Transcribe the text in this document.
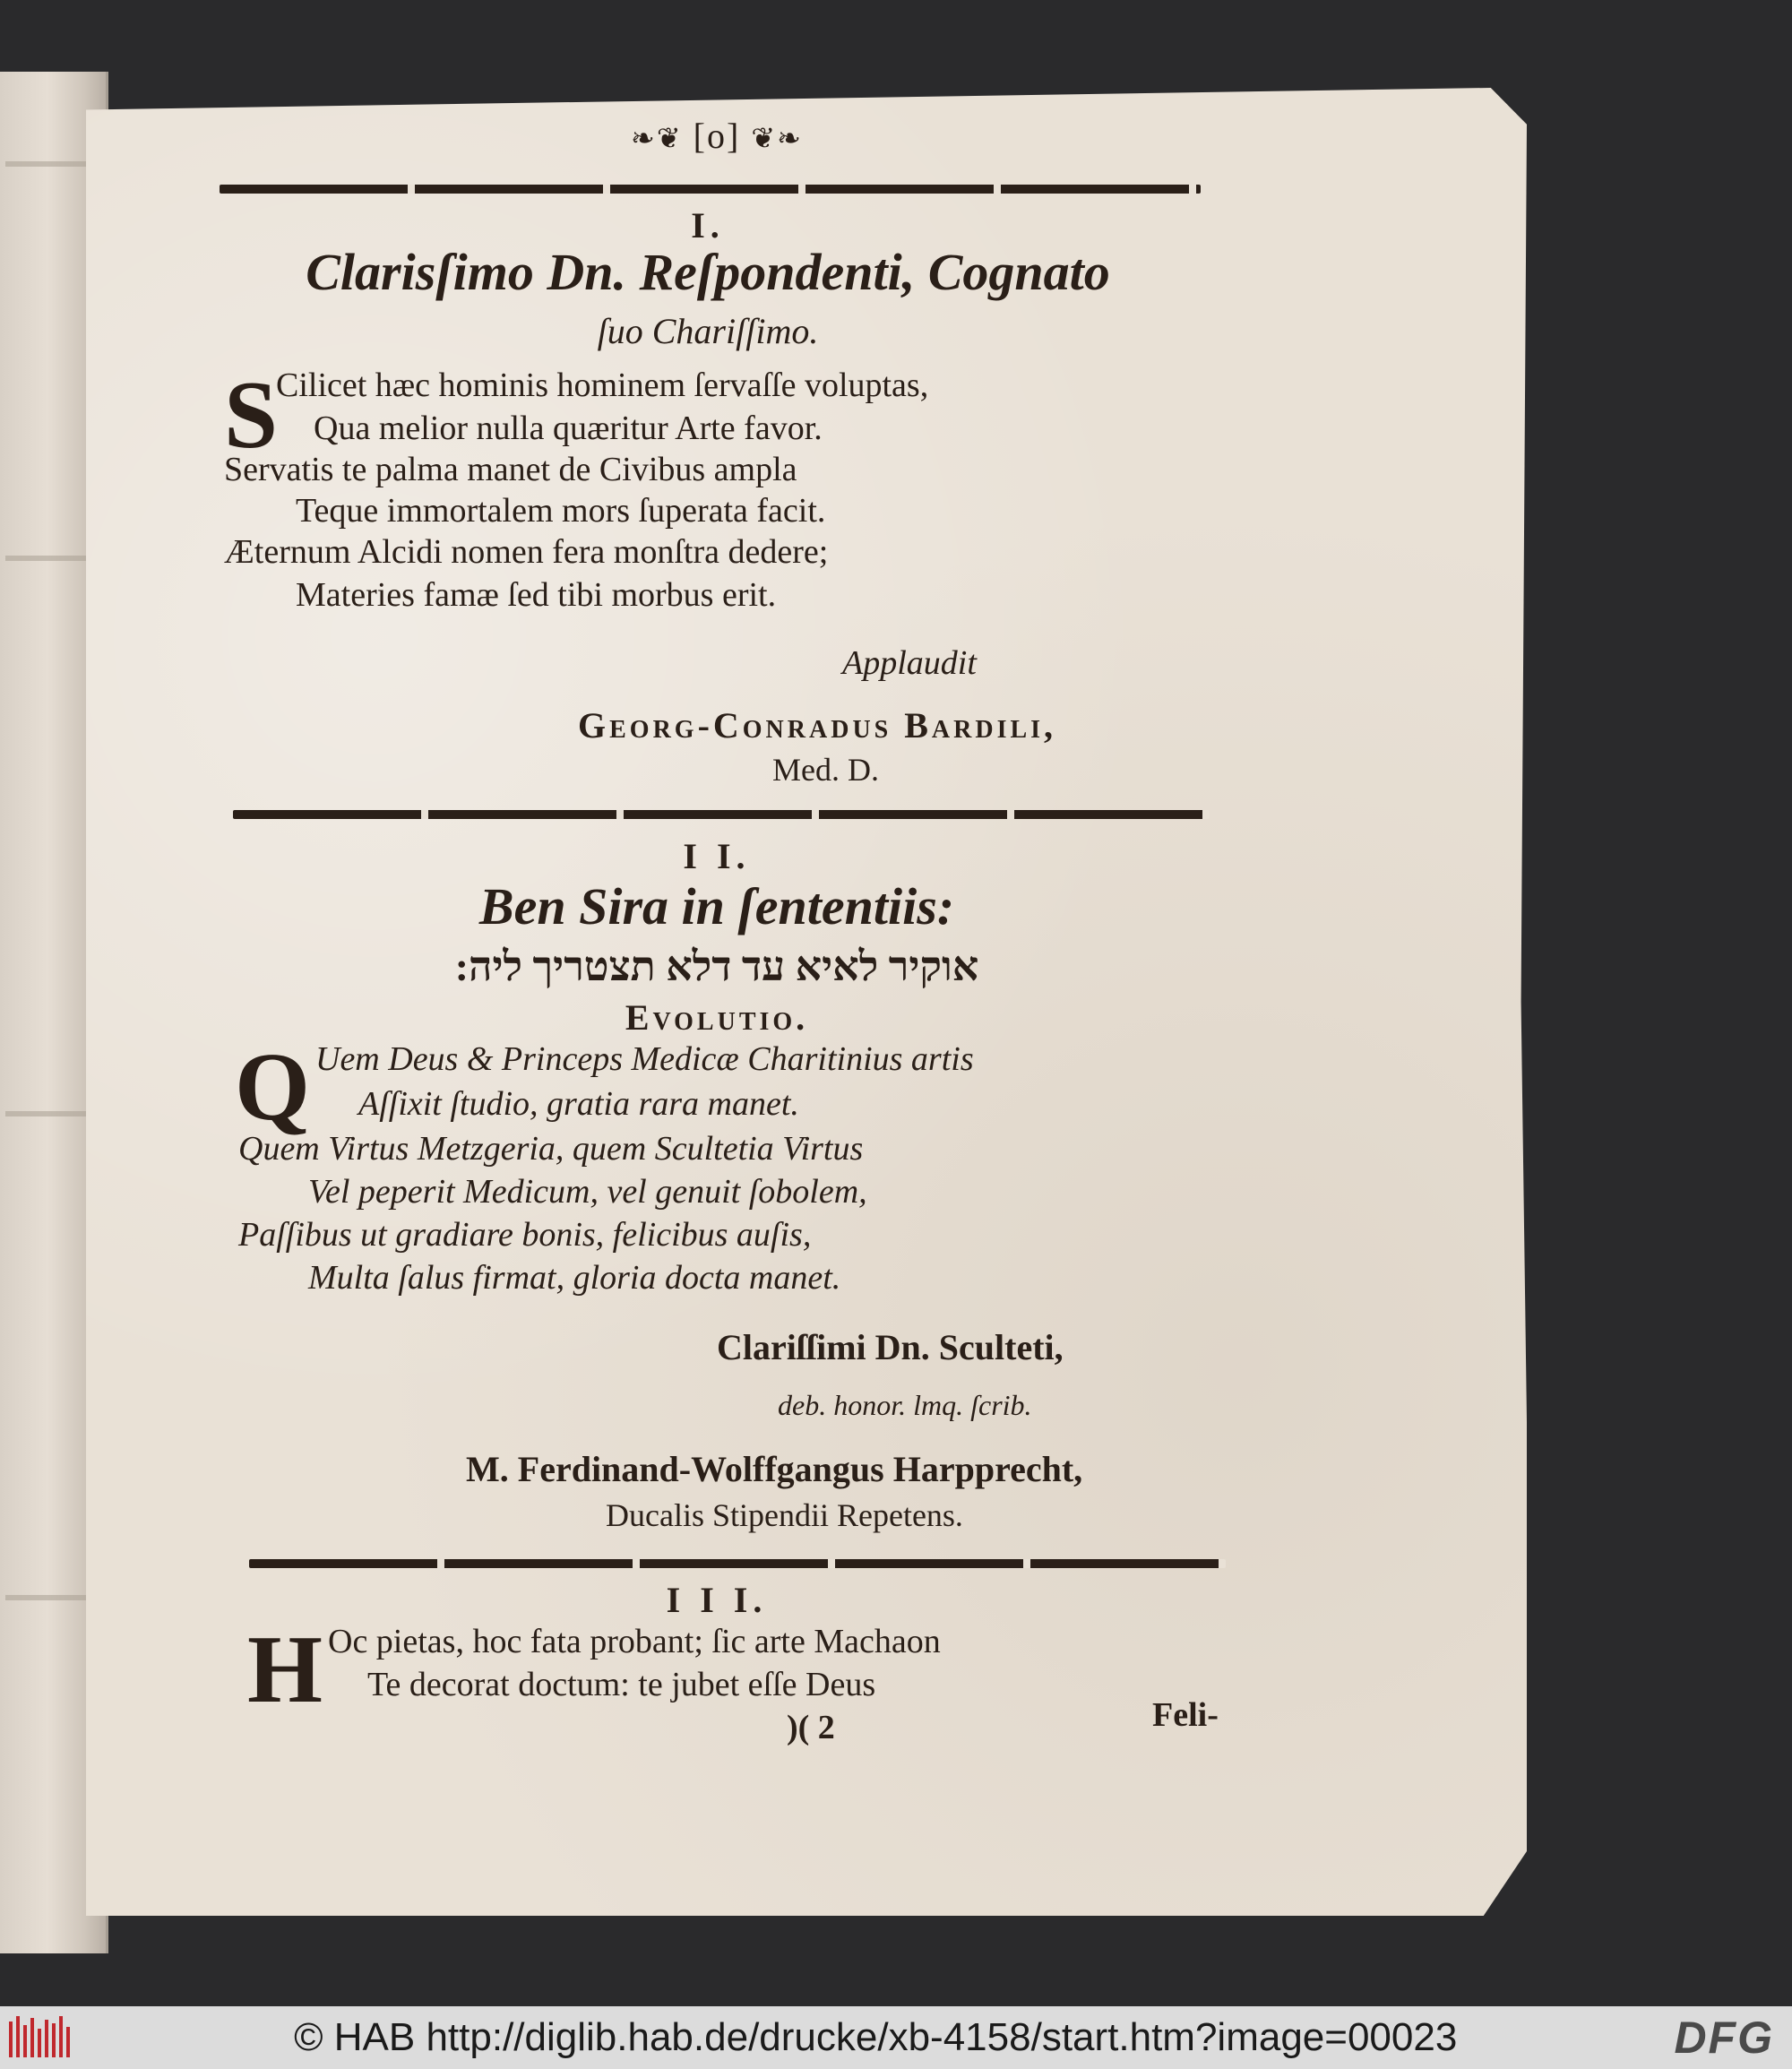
❧❦ [o] ❦❧
I.
Clarisſimo Dn. Reſpondenti, Cognato
ſuo Chariſſimo.
S
Cilicet hæc hominis hominem ſervaſſe voluptas,
Qua melior nulla quæritur Arte favor.
Servatis te palma manet de Civibus ampla
Teque immortalem mors ſuperata facit.
Æternum Alcidi nomen fera monſtra dedere;
Materies famæ ſed tibi morbus erit.
Applaudit
Georg-Conradus Bardili,
Med. D.
I I.
Ben Sira in ſententiis:
אוקיר לאיא עד דלא תצטריך ליה:
Evolutio.
Q Uem Deus & Princeps Medicæ Charitinius artis
Aſſixit ſtudio, gratia rara manet.
Quem Virtus Metzgeria, quem Scultetia Virtus
Vel peperit Medicum, vel genuit ſobolem,
Paſſibus ut gradiare bonis, felicibus auſis,
Multa ſalus firmat, gloria docta manet.
Clariſſimi Dn. Sculteti,
deb. honor. lmq. ſcrib.
M. Ferdinand-Wolffgangus Harpprecht,
Ducalis Stipendii Repetens.
I I I.
H Oc pietas, hoc fata probant; ſic arte Machaon
Te decorat doctum: te jubet eſſe Deus
)( 2	Feli-
© HAB http://diglib.hab.de/drucke/xb-4158/start.htm?image=00023	DFG
